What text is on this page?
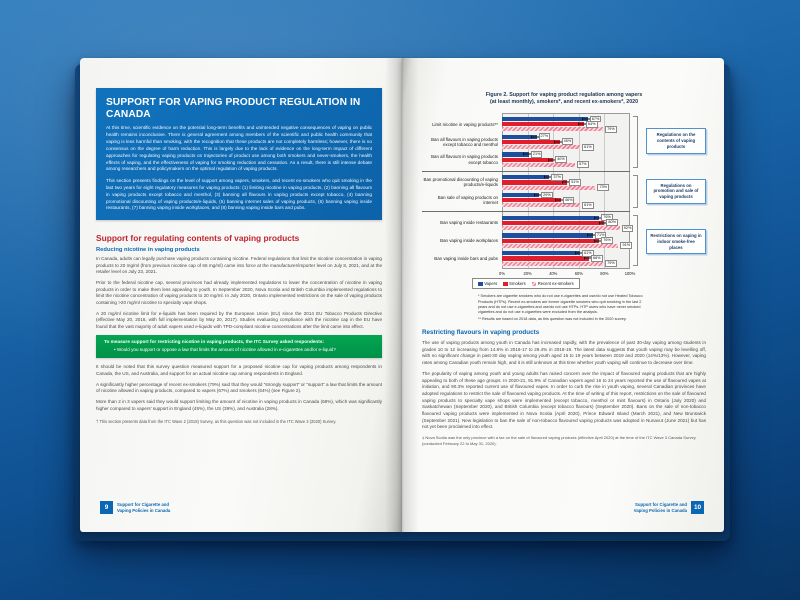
SUPPORT FOR VAPING PRODUCT REGULATION IN CANADA

At this time, scientific evidence on the potential long-term benefits and unintended negative consequences of vaping on public health remains inconclusive. There is general agreement among members of the scientific and public health community that vaping is less harmful than smoking, with the recognition that these products are not completely harmless; however, there is no consensus on the degree of harm reduction. This is largely due to the lack of evidence on the long-term impact of different approaches for regulating vaping products on trajectories of product use among both smokers and never-smokers, the health effects of vaping, and the effectiveness of vaping for smoking reduction and cessation. As a result, there is still intense debate among researchers and policymakers on the optimal regulation of vaping products.

This section presents findings on the level of support among vapers, smokers, and recent ex-smokers who quit smoking in the last two years for eight regulatory measures for vaping products: (1) limiting nicotine in vaping products, (2) banning all flavours in vaping products except tobacco and menthol, (3) banning all flavours in vaping products except tobacco, (4) banning promotional discounting of vaping products/e-liquids, (5) banning internet sales of vaping products, (6) banning vaping inside restaurants, (7) banning vaping inside workplaces, and (8) banning vaping inside bars and pubs.

Support for regulating contents of vaping products
Reducing nicotine in vaping products

In Canada, adults can legally purchase vaping products containing nicotine. Federal regulations that limit the nicotine concentration in vaping products to 20 mg/ml (from previous nicotine cap of 66 mg/ml) came into force at the manufacturer/importer level on July 8, 2021, and at the retailer level on July 23, 2021.

Prior to the federal nicotine cap, several provinces had already implemented regulations to lower the concentration of nicotine in vaping products in order to make them less appealing to youth. In September 2020, Nova Scotia and British Columbia implemented regulations to limit the nicotine concentration of vaping products to 20 mg/ml. In July 2020, Ontario implemented restrictions on the sale of vaping products containing >20 mg/ml nicotine to specialty vape shops.

A 20 mg/ml nicotine limit for e-liquids has been required by the European Union (EU) since the 2014 EU Tobacco Products Directive (effective May 20, 2016, with full implementation by May 20, 2017). Studies evaluating compliance with the nicotine cap in the EU have found that the vast majority of adult vapers used e-liquids with TPD-compliant nicotine concentrations after the limit came into effect.

To measure support for restricting nicotine in vaping products, the ITC Survey asked respondents:

• Would you support or oppose a law that limits the amount of nicotine allowed in e-cigarettes and/or e-liquid?

It should be noted that this survey question measured support for a proposed nicotine cap for vaping products among respondents in Canada, the US, and Australia, and support for an actual nicotine cap among respondents in England.

A significantly higher percentage of recent ex-smokers (79%) said that they would “strongly support” or “support” a law that limits the amount of nicotine allowed in vaping products, compared to vapers (67%) and smokers (64%) (see Figure 2).

More than 2 in 3 vapers said they would support limiting the amount of nicotine in vaping products in Canada (68%), which was significantly higher compared to vapers’ support in England (45%), the US (39%), and Australia (28%).

† This section presents data from the ITC Wave 2 (2018) Survey, as this question was not included in the ITC Wave 3 (2020) Survey.

9	Support for Cigarette and Vaping Policies in Canada
Figure 2. Support for vaping product regulation among vapers
(at least monthly), smokers*, and recent ex-smokers*, 2020
Limit nicotine in vaping products**
67%
64%
79%
Ban all flavours in vaping products except tobacco and menthol
27%
45%
61%
Ban all flavours in vaping products except tobacco
21%
40%
57%
Ban promotional discounting of vaping products/e-liquids
37%
51%
73%
Ban sale of vaping products on internet
29%
46%
61%
Ban vaping inside restaurants
76%
80%
92%
Ban vaping inside workplaces
71%
76%
91%
Ban vaping inside bars and pubs
61%
68%
79%
Regulations on the contents of vaping products
Regulations on promotion and sale of vaping products
Restrictions on vaping in indoor smoke-free places
0%	20%	40%	60%	80%	100%
Vapers	Smokers	Recent ex-smokers

* Smokers are cigarette smokers who do not use e-cigarettes and use/do not use Heated Tobacco Products (HTPs). Recent ex-smokers are former cigarette smokers who quit smoking in the last 2 years and do not use e-cigarettes and use/do not use HTPs. HTP users who have never smoked cigarettes and do not use e-cigarettes were excluded from the analysis.

** Results are based on 2018 data, as this question was not included in the 2020 survey.

Restricting flavours in vaping products

The use of vaping products among youth in Canada has increased rapidly, with the prevalence of past 30-day vaping among students in grades 10 to 12 increasing from 14.6% in 2016-17 to 29.4% in 2018-19. The latest data suggests that youth vaping may be levelling off, with no significant change in past-30 day vaping among youth aged 15 to 19 years between 2019 and 2020 (14%/13%). However, vaping rates among Canadian youth remain high, and it is still unknown at this time whether youth vaping will continue to decrease over time.

The popularity of vaping among youth and young adults has raised concern over the impact of flavoured vaping products that are highly appealing to both of these age groups. In 2020-21, 91.9% of Canadian vapers aged 16 to 24 years reported the use of flavoured vapes at initiation, and 90.3% reported current use of flavoured vapes. In order to curb the rise in youth vaping, several Canadian provinces have adopted regulations to restrict the sale of flavoured vaping products. At the time of writing of this report, restrictions on the sale of flavoured vaping products to specialty vape shops were implemented (except tobacco, menthol or mint flavours) in Ontario (July 2020) and Saskatchewan (September 2020), and British Columbia (except tobacco flavours) (September 2020). Bans on the sale of non-tobacco flavoured vaping products were implemented in Nova Scotia (April 2020), Prince Edward Island (March 2021), and New Brunswick (September 2021). New legislation to ban the sale of non-tobacco flavoured vaping products was adopted in Nunavut (June 2021) but has not yet been proclaimed into effect.

‡ Nova Scotia was the only province with a tax on the sale of flavoured vaping products (effective April 2020) at the time of the ITC Wave 3 Canada Survey (conducted February 22 to May 31, 2020).

10
Support for Cigarette and Vaping Policies in Canada
